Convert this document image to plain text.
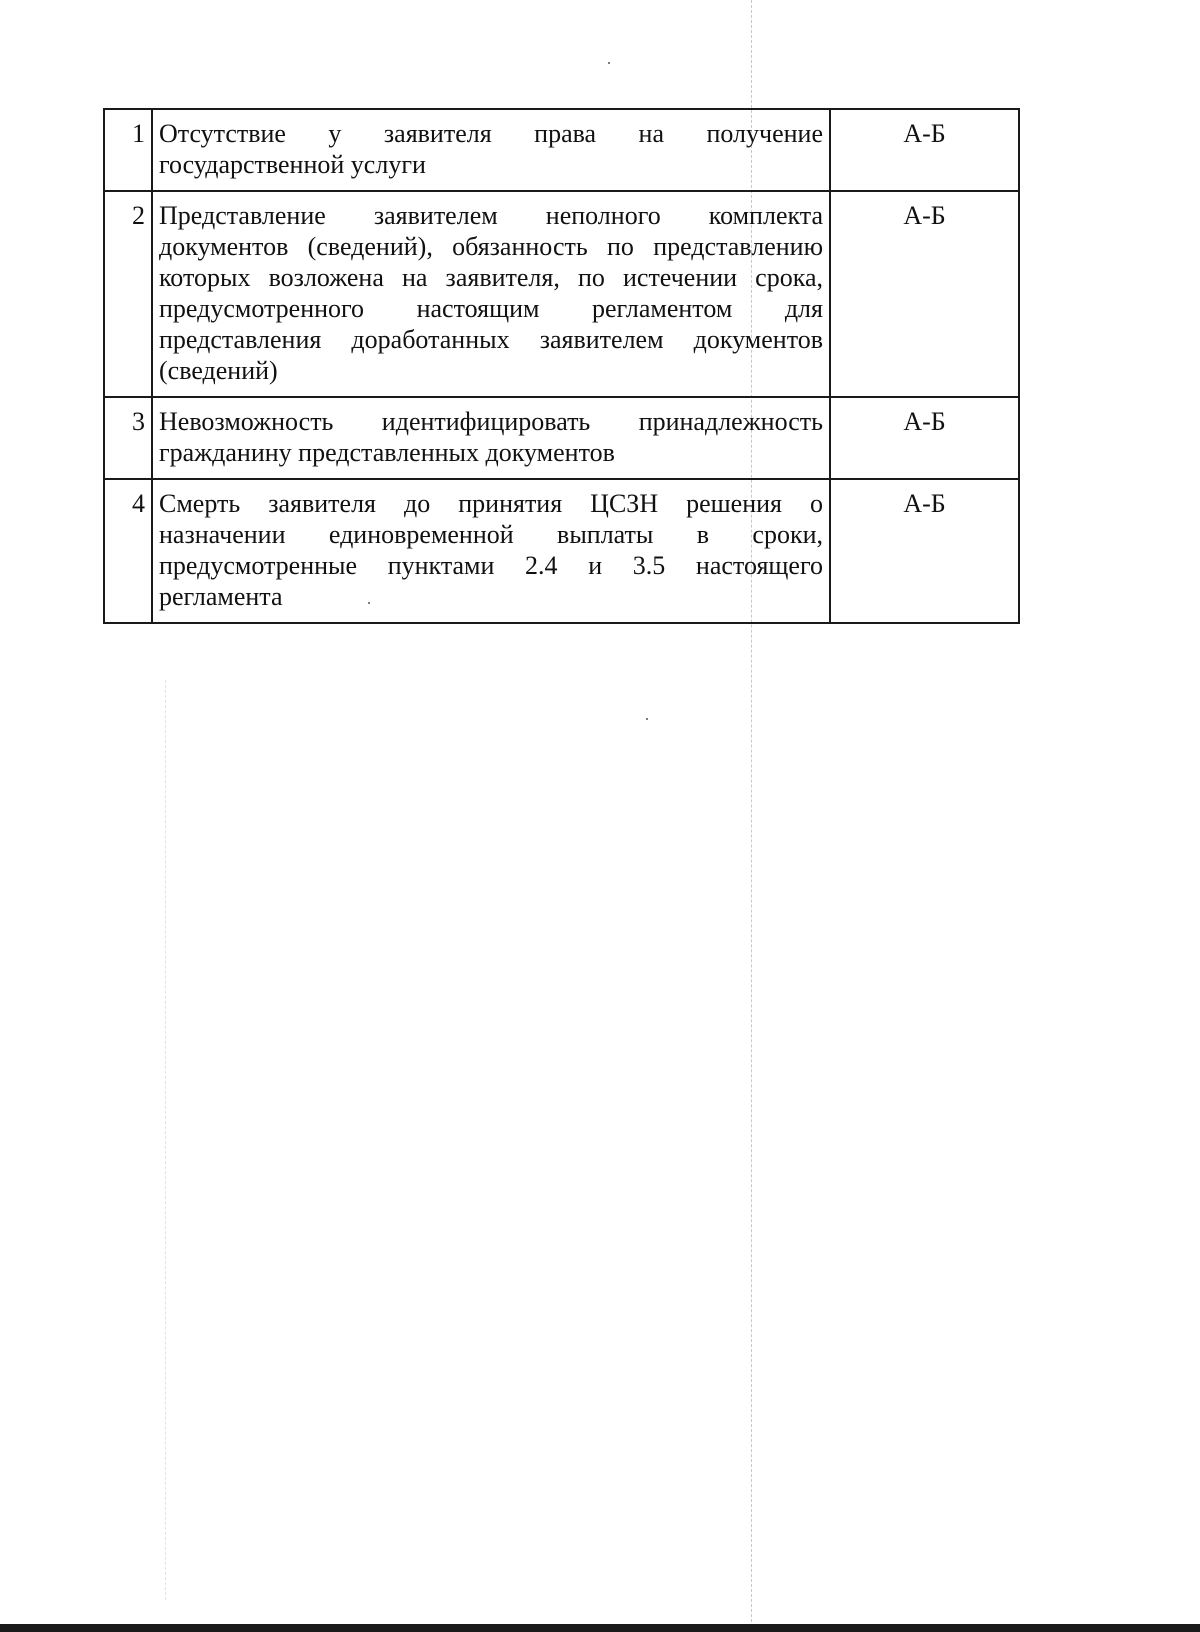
1	Отсутствие у заявителя права на получение государственной услуги	А-Б
2	Представление заявителем неполного комплекта документов (сведений), обязанность по представлению которых возложена на заявителя, по истечении срока, предусмотренного настоящим регламентом для представления доработанных заявителем документов (сведений)	А-Б
3	Невозможность идентифицировать принадлежность гражданину представленных документов	А-Б
4	Смерть заявителя до принятия ЦСЗН решения о назначении единовременной выплаты в сроки, предусмотренные пунктами 2.4 и 3.5 настоящего регламента	А-Б
